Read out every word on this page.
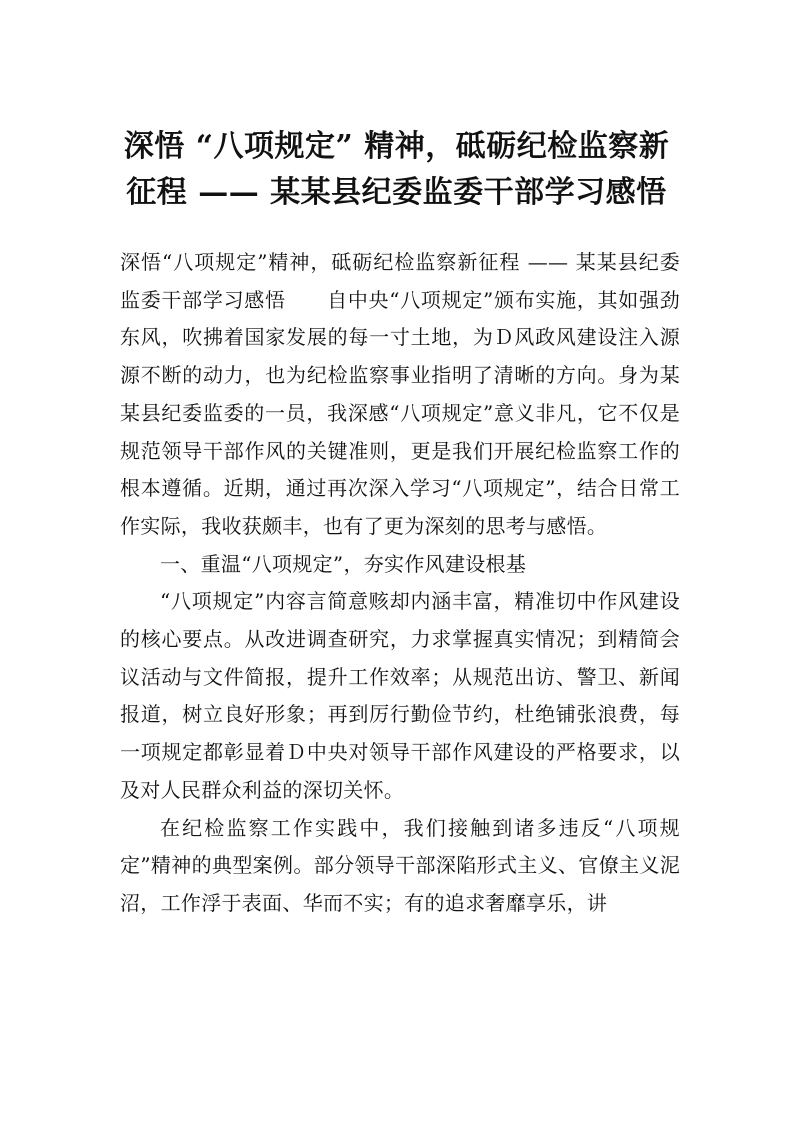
深悟 “八项规定” 精神，砥砺纪检监察新
征程 —— 某某县纪委监委干部学习感悟

深悟“八项规定”精神，砥砺纪检监察新征程 —— 某某县纪委监委干部学习感悟　　自中央“八项规定”颁布实施，其如强劲东风，吹拂着国家发展的每一寸土地，为Ｄ风政风建设注入源源不断的动力，也为纪检监察事业指明了清晰的方向。身为某某县纪委监委的一员，我深感“八项规定”意义非凡，它不仅是规范领导干部作风的关键准则，更是我们开展纪检监察工作的根本遵循。近期，通过再次深入学习“八项规定”，结合日常工作实际，我收获颇丰，也有了更为深刻的思考与感悟。

一、重温“八项规定”，夯实作风建设根基

“八项规定”内容言简意赅却内涵丰富，精准切中作风建设的核心要点。从改进调查研究，力求掌握真实情况；到精简会议活动与文件简报，提升工作效率；从规范出访、警卫、新闻报道，树立良好形象；再到厉行勤俭节约，杜绝铺张浪费，每一项规定都彰显着Ｄ中央对领导干部作风建设的严格要求，以及对人民群众利益的深切关怀。

在纪检监察工作实践中，我们接触到诸多违反“八项规定”精神的典型案例。部分领导干部深陷形式主义、官僚主义泥沼，工作浮于表面、华而不实；有的追求奢靡享乐，讲
